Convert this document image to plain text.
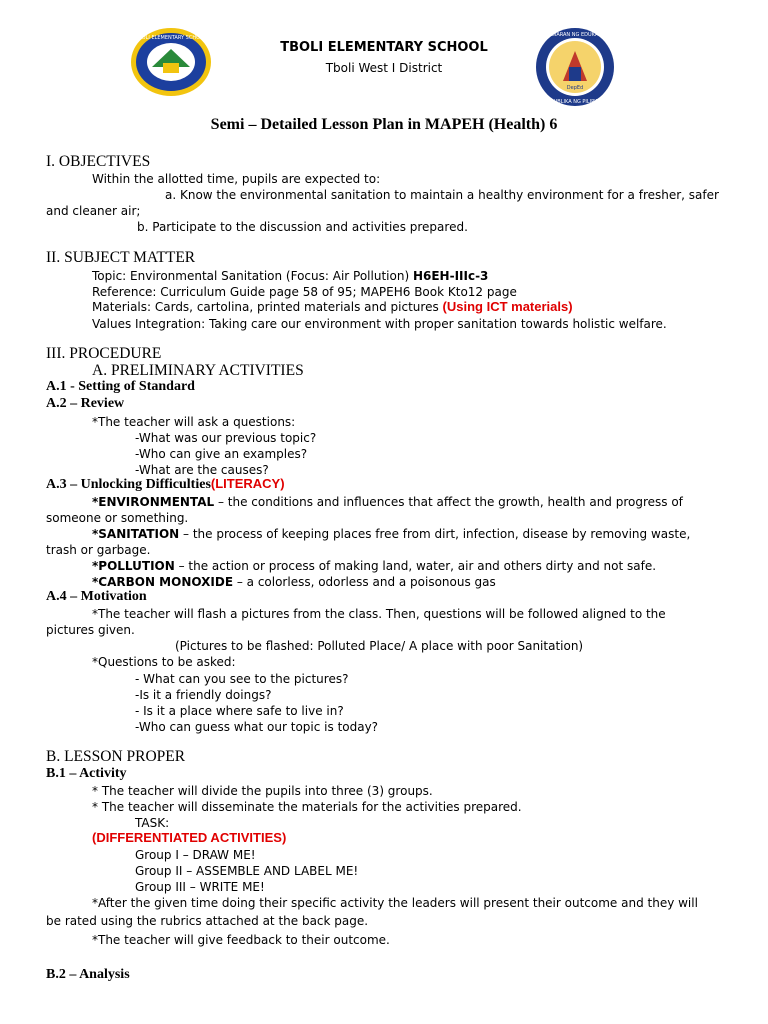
TBOLI ELEMENTARY SCHOOL
TBOLI ELEMENTARY SCHOOL
Tboli West I District
DepEd
KAGAWARAN NG EDUKASYON
REPUBLIKA NG PILIPINAS
Semi – Detailed Lesson Plan in MAPEH (Health) 6
I. OBJECTIVES
Within the allotted time, pupils are expected to:
a. Know the environmental sanitation to maintain a healthy environment for a fresher, safer
and cleaner air;
b. Participate to the discussion and activities prepared.
II. SUBJECT MATTER
Topic: Environmental Sanitation (Focus: Air Pollution) H6EH-IIIc-3
Reference: Curriculum Guide page 58 of 95; MAPEH6 Book Kto12 page
Materials: Cards, cartolina, printed materials and pictures (Using ICT materials)
Values Integration: Taking care our environment with proper sanitation towards holistic welfare.
III. PROCEDURE
A. PRELIMINARY ACTIVITIES
A.1 - Setting of Standard
A.2 – Review
*The teacher will ask a questions:
-What was our previous topic?
-Who can give an examples?
-What are the causes?
A.3 – Unlocking Difficulties(LITERACY)
*ENVIRONMENTAL – the conditions and influences that affect the growth, health and progress of
someone or something.
*SANITATION – the process of keeping places free from dirt, infection, disease by removing waste,
trash or garbage.
*POLLUTION – the action or process of making land, water, air and others dirty and not safe.
*CARBON MONOXIDE – a colorless, odorless and a poisonous gas
A.4 – Motivation
*The teacher will flash a pictures from the class. Then, questions will be followed aligned to the
pictures given.
(Pictures to be flashed: Polluted Place/ A place with poor Sanitation)
*Questions to be asked:
- What can you see to the pictures?
-Is it a friendly doings?
- Is it a place where safe to live in?
-Who can guess what our topic is today?
B. LESSON PROPER
B.1 – Activity
* The teacher will divide the pupils into three (3) groups.
* The teacher will disseminate the materials for the activities prepared.
TASK:
(DIFFERENTIATED ACTIVITIES)
Group I – DRAW ME!
Group II – ASSEMBLE AND LABEL ME!
Group III – WRITE ME!
*After the given time doing their specific activity the leaders will present their outcome and they will
be rated using the rubrics attached at the back page.
*The teacher will give feedback to their outcome.
B.2 – Analysis
